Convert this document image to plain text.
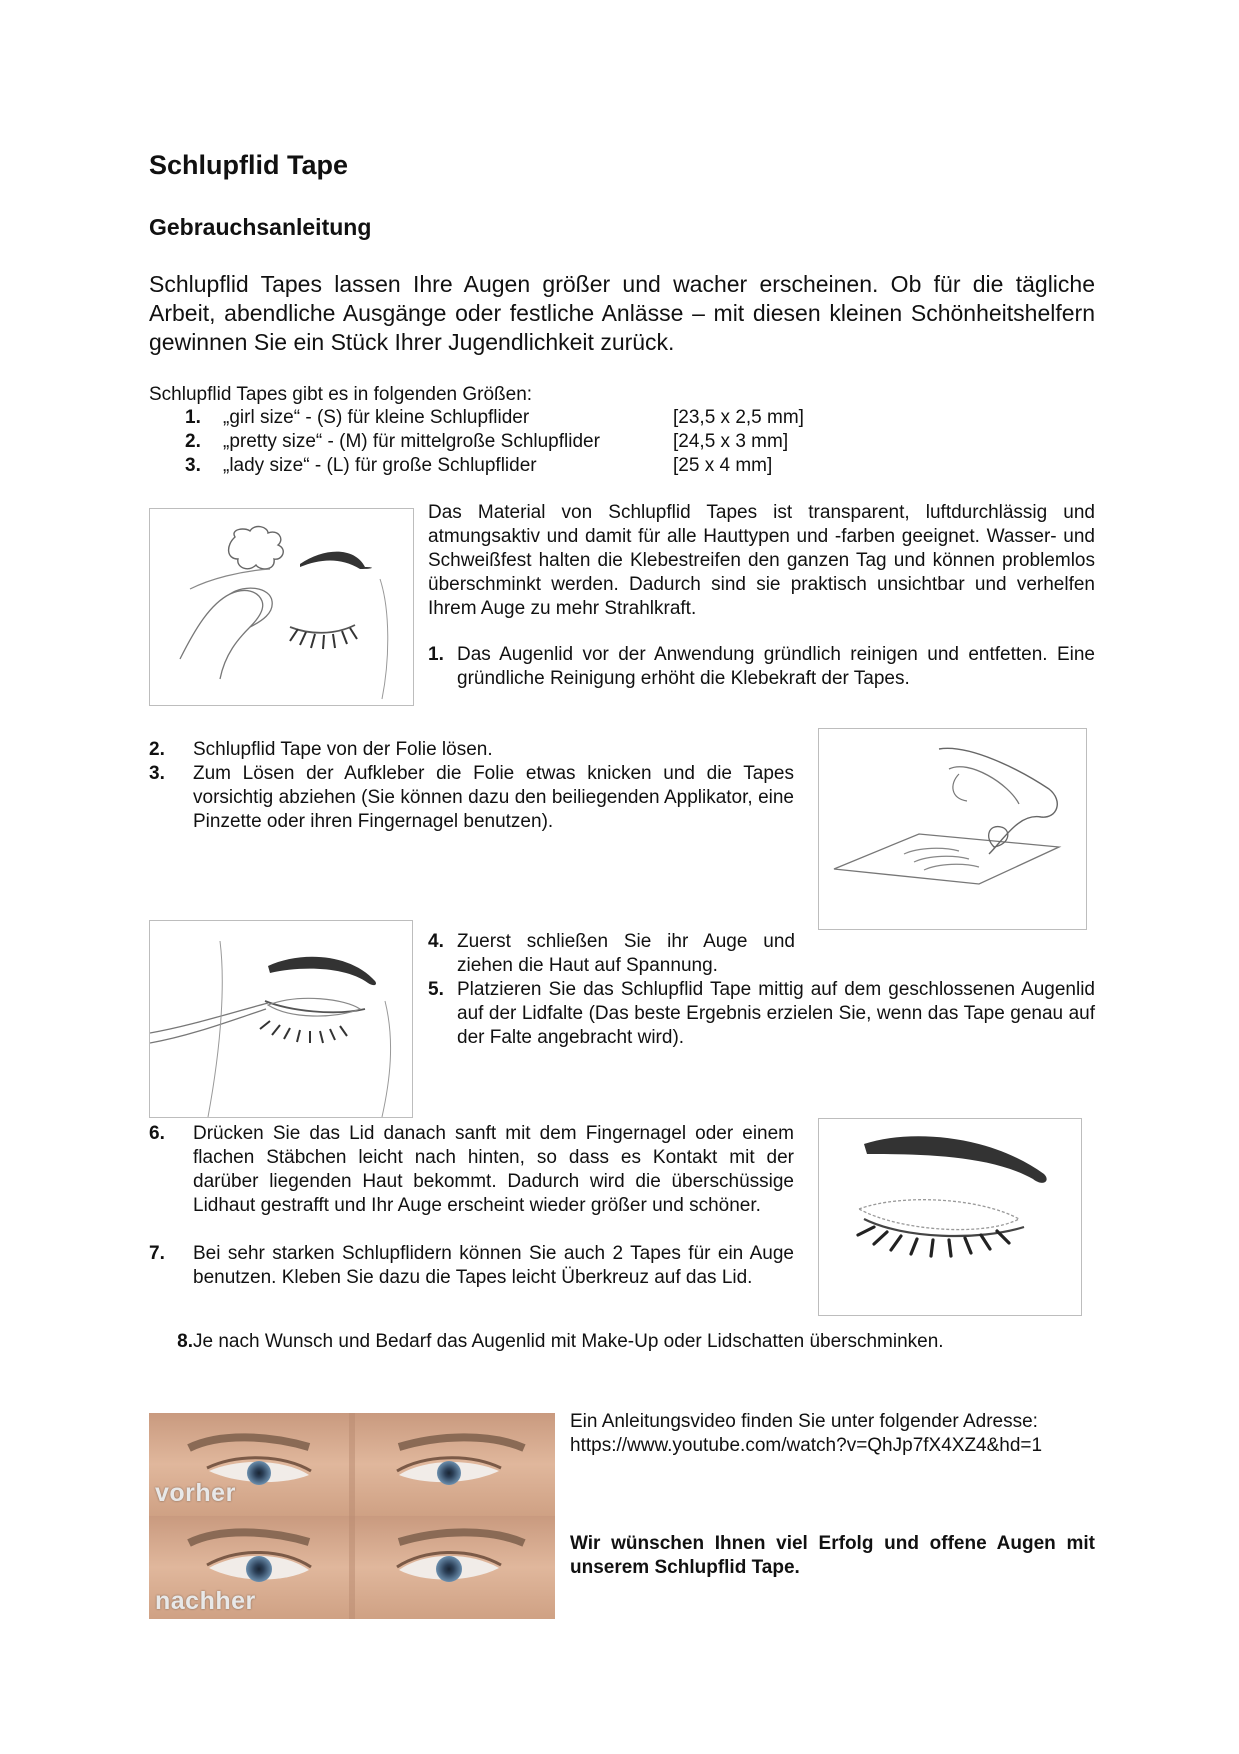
Schlupflid Tape
Gebrauchsanleitung
Schlupflid Tapes lassen Ihre Augen größer und wacher erscheinen. Ob für die tägliche Arbeit, abendliche Ausgänge oder festliche Anlässe – mit diesen kleinen Schönheitshelfern gewinnen Sie ein Stück Ihrer Jugendlichkeit zurück.
Schlupflid Tapes gibt es in folgenden Größen:
1.	„girl size“ - (S) für kleine Schlupflider	[23,5 x 2,5 mm]
2.	„pretty size“ - (M) für mittelgroße Schlupflider	[24,5 x 3 mm]
3.	„lady size“ - (L) für große Schlupflider	[25 x 4 mm]
Das Material von Schlupflid Tapes ist transparent, luftdurchlässig und atmungsaktiv und damit für alle Hauttypen und -farben geeignet. Wasser- und Schweißfest halten die Klebestreifen den ganzen Tag und können problemlos überschminkt werden. Dadurch sind sie praktisch unsichtbar und verhelfen Ihrem Auge zu mehr Strahlkraft.
1. Das Augenlid vor der Anwendung gründlich reinigen und entfetten. Eine gründliche Reinigung erhöht die Klebekraft der Tapes.
2.	Schlupflid Tape von der Folie lösen.
3.	Zum Lösen der Aufkleber die Folie etwas knicken und die Tapes vorsichtig abziehen (Sie können dazu den beiliegenden Applikator, eine Pinzette oder ihren Fingernagel benutzen).
4. Zuerst schließen Sie ihr Auge und ziehen die Haut auf Spannung.
5. Platzieren Sie das Schlupflid Tape mittig auf dem geschlossenen Augenlid auf der Lidfalte (Das beste Ergebnis erzielen Sie, wenn das Tape genau auf der Falte angebracht wird).
6.	Drücken Sie das Lid danach sanft mit dem Fingernagel oder einem flachen Stäbchen leicht nach hinten, so dass es Kontakt mit der darüber liegenden Haut bekommt. Dadurch wird die überschüssige Lidhaut gestrafft und Ihr Auge erscheint wieder größer und schöner.
7.	Bei sehr starken Schlupflidern können Sie auch 2 Tapes für ein Auge benutzen. Kleben Sie dazu die Tapes leicht Überkreuz auf das Lid.
8. Je nach Wunsch und Bedarf das Augenlid mit Make-Up oder Lidschatten überschminken.
vorher
nachher
Ein Anleitungsvideo finden Sie unter folgender Adresse:
https://www.youtube.com/watch?v=QhJp7fX4XZ4&hd=1
Wir wünschen Ihnen viel Erfolg und offene Augen mit unserem Schlupflid Tape.
